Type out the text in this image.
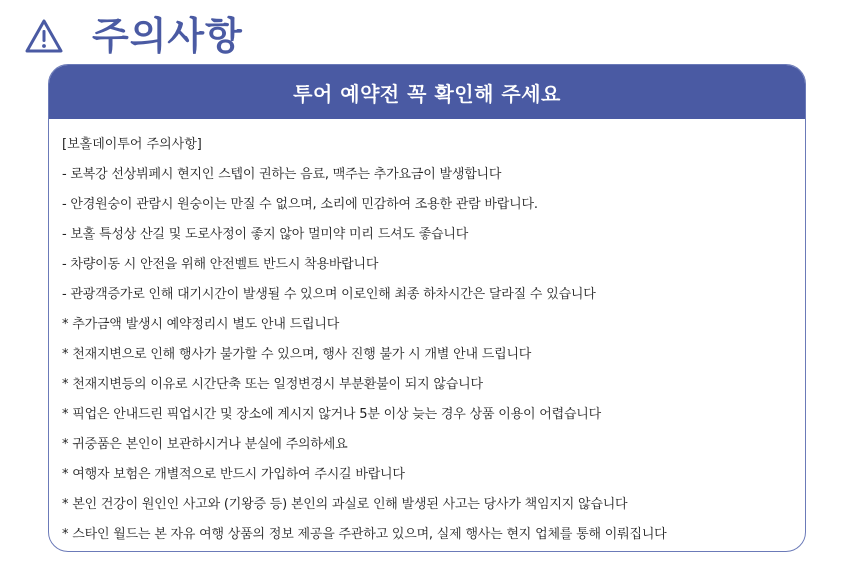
주의사항
투어 예약전 꼭 확인해 주세요
[보홀데이투어 주의사항]
- 로복강 선상뷔페시 현지인 스텝이 권하는 음료, 맥주는 추가요금이 발생합니다
- 안경원숭이 관람시 원숭이는 만질 수 없으며, 소리에 민감하여 조용한 관람 바랍니다.
- 보홀 특성상 산길 및 도로사정이 좋지 않아 멀미약 미리 드셔도 좋습니다
- 차량이동 시 안전을 위해 안전벨트 반드시 착용바랍니다
- 관광객증가로 인해 대기시간이 발생될 수 있으며 이로인해 최종 하차시간은 달라질 수 있습니다
* 추가금액 발생시 예약정리시 별도 안내 드립니다
* 천재지변으로 인해 행사가 불가할 수 있으며, 행사 진행 불가 시 개별 안내 드립니다
* 천재지변등의 이유로 시간단축 또는 일정변경시 부분환불이 되지 않습니다
* 픽업은 안내드린 픽업시간 및 장소에 계시지 않거나 5분 이상 늦는 경우 상품 이용이 어렵습니다
* 귀중품은 본인이 보관하시거나 분실에 주의하세요
* 여행자 보험은 개별적으로 반드시 가입하여 주시길 바랍니다
* 본인 건강이 원인인 사고와 (기왕증 등) 본인의 과실로 인해 발생된 사고는 당사가 책임지지 않습니다
* 스타인 월드는 본 자유 여행 상품의 정보 제공을 주관하고 있으며, 실제 행사는 현지 업체를 통해 이뤄집니다
